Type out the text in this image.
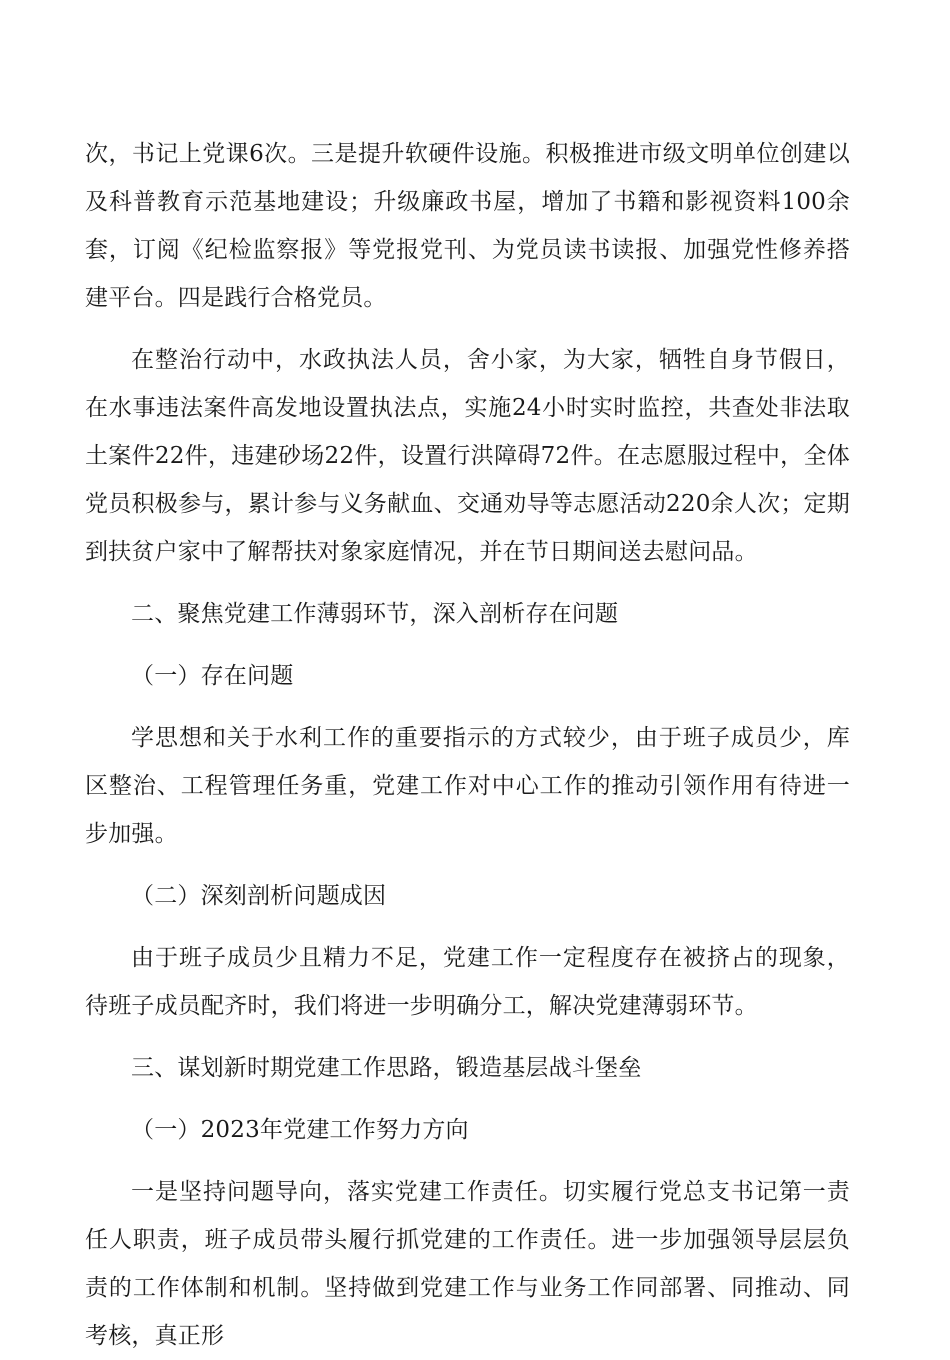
次，书记上党课6次。三是提升软硬件设施。积极推进市级文明单位创建以及科普教育示范基地建设；升级廉政书屋，增加了书籍和影视资料100余套，订阅《纪检监察报》等党报党刊、为党员读书读报、加强党性修养搭建平台。四是践行合格党员。

在整治行动中，水政执法人员，舍小家，为大家，牺牲自身节假日，在水事违法案件高发地设置执法点，实施24小时实时监控，共查处非法取土案件22件，违建砂场22件，设置行洪障碍72件。在志愿服过程中，全体党员积极参与，累计参与义务献血、交通劝导等志愿活动220余人次；定期到扶贫户家中了解帮扶对象家庭情况，并在节日期间送去慰问品。

二、聚焦党建工作薄弱环节，深入剖析存在问题

（一）存在问题

学思想和关于水利工作的重要指示的方式较少，由于班子成员少，库区整治、工程管理任务重，党建工作对中心工作的推动引领作用有待进一步加强。

（二）深刻剖析问题成因

由于班子成员少且精力不足，党建工作一定程度存在被挤占的现象，待班子成员配齐时，我们将进一步明确分工，解决党建薄弱环节。

三、谋划新时期党建工作思路，锻造基层战斗堡垒

（一）2023年党建工作努力方向

一是坚持问题导向，落实党建工作责任。切实履行党总支书记第一责任人职责，班子成员带头履行抓党建的工作责任。进一步加强领导层层负责的工作体制和机制。坚持做到党建工作与业务工作同部署、同推动、同考核，真正形
